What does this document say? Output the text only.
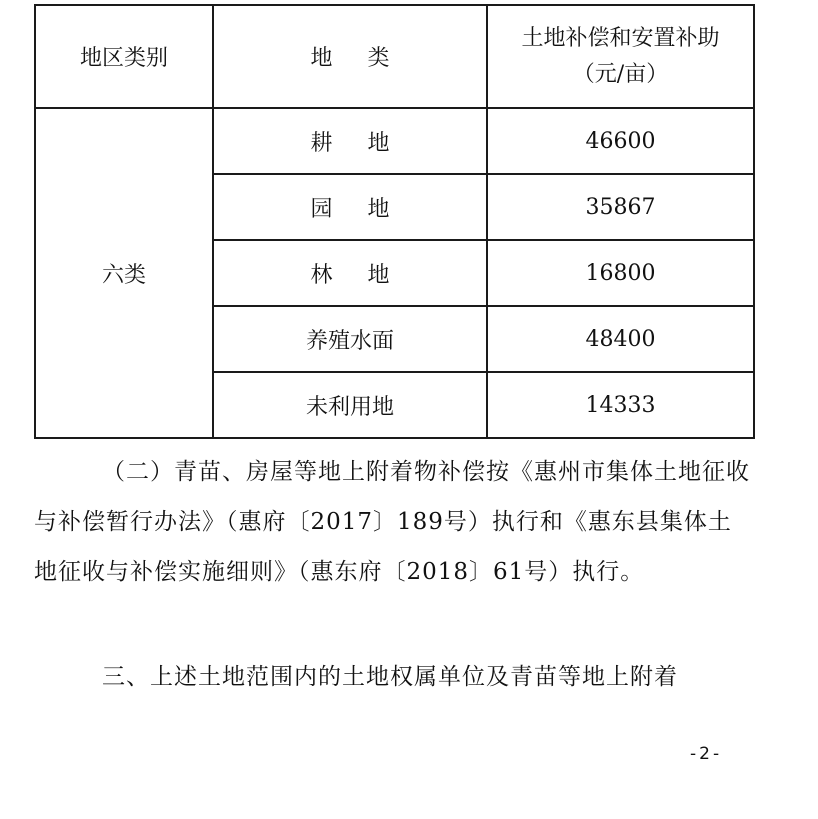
地区类别	地 类	土地补偿和安置补助
（元/亩）

六类	耕 地	46600
	园 地	35867
	林 地	16800
	养殖水面	48400
	未利用地	14333
（二）青苗、房屋等地上附着物补偿按《惠州市集体土地征收与补偿暂行办法》（惠府〔2017〕189号）执行和《惠东县集体土地征收与补偿实施细则》（惠东府〔2018〕61号）执行。
三、上述土地范围内的土地权属单位及青苗等地上附着
-2-
